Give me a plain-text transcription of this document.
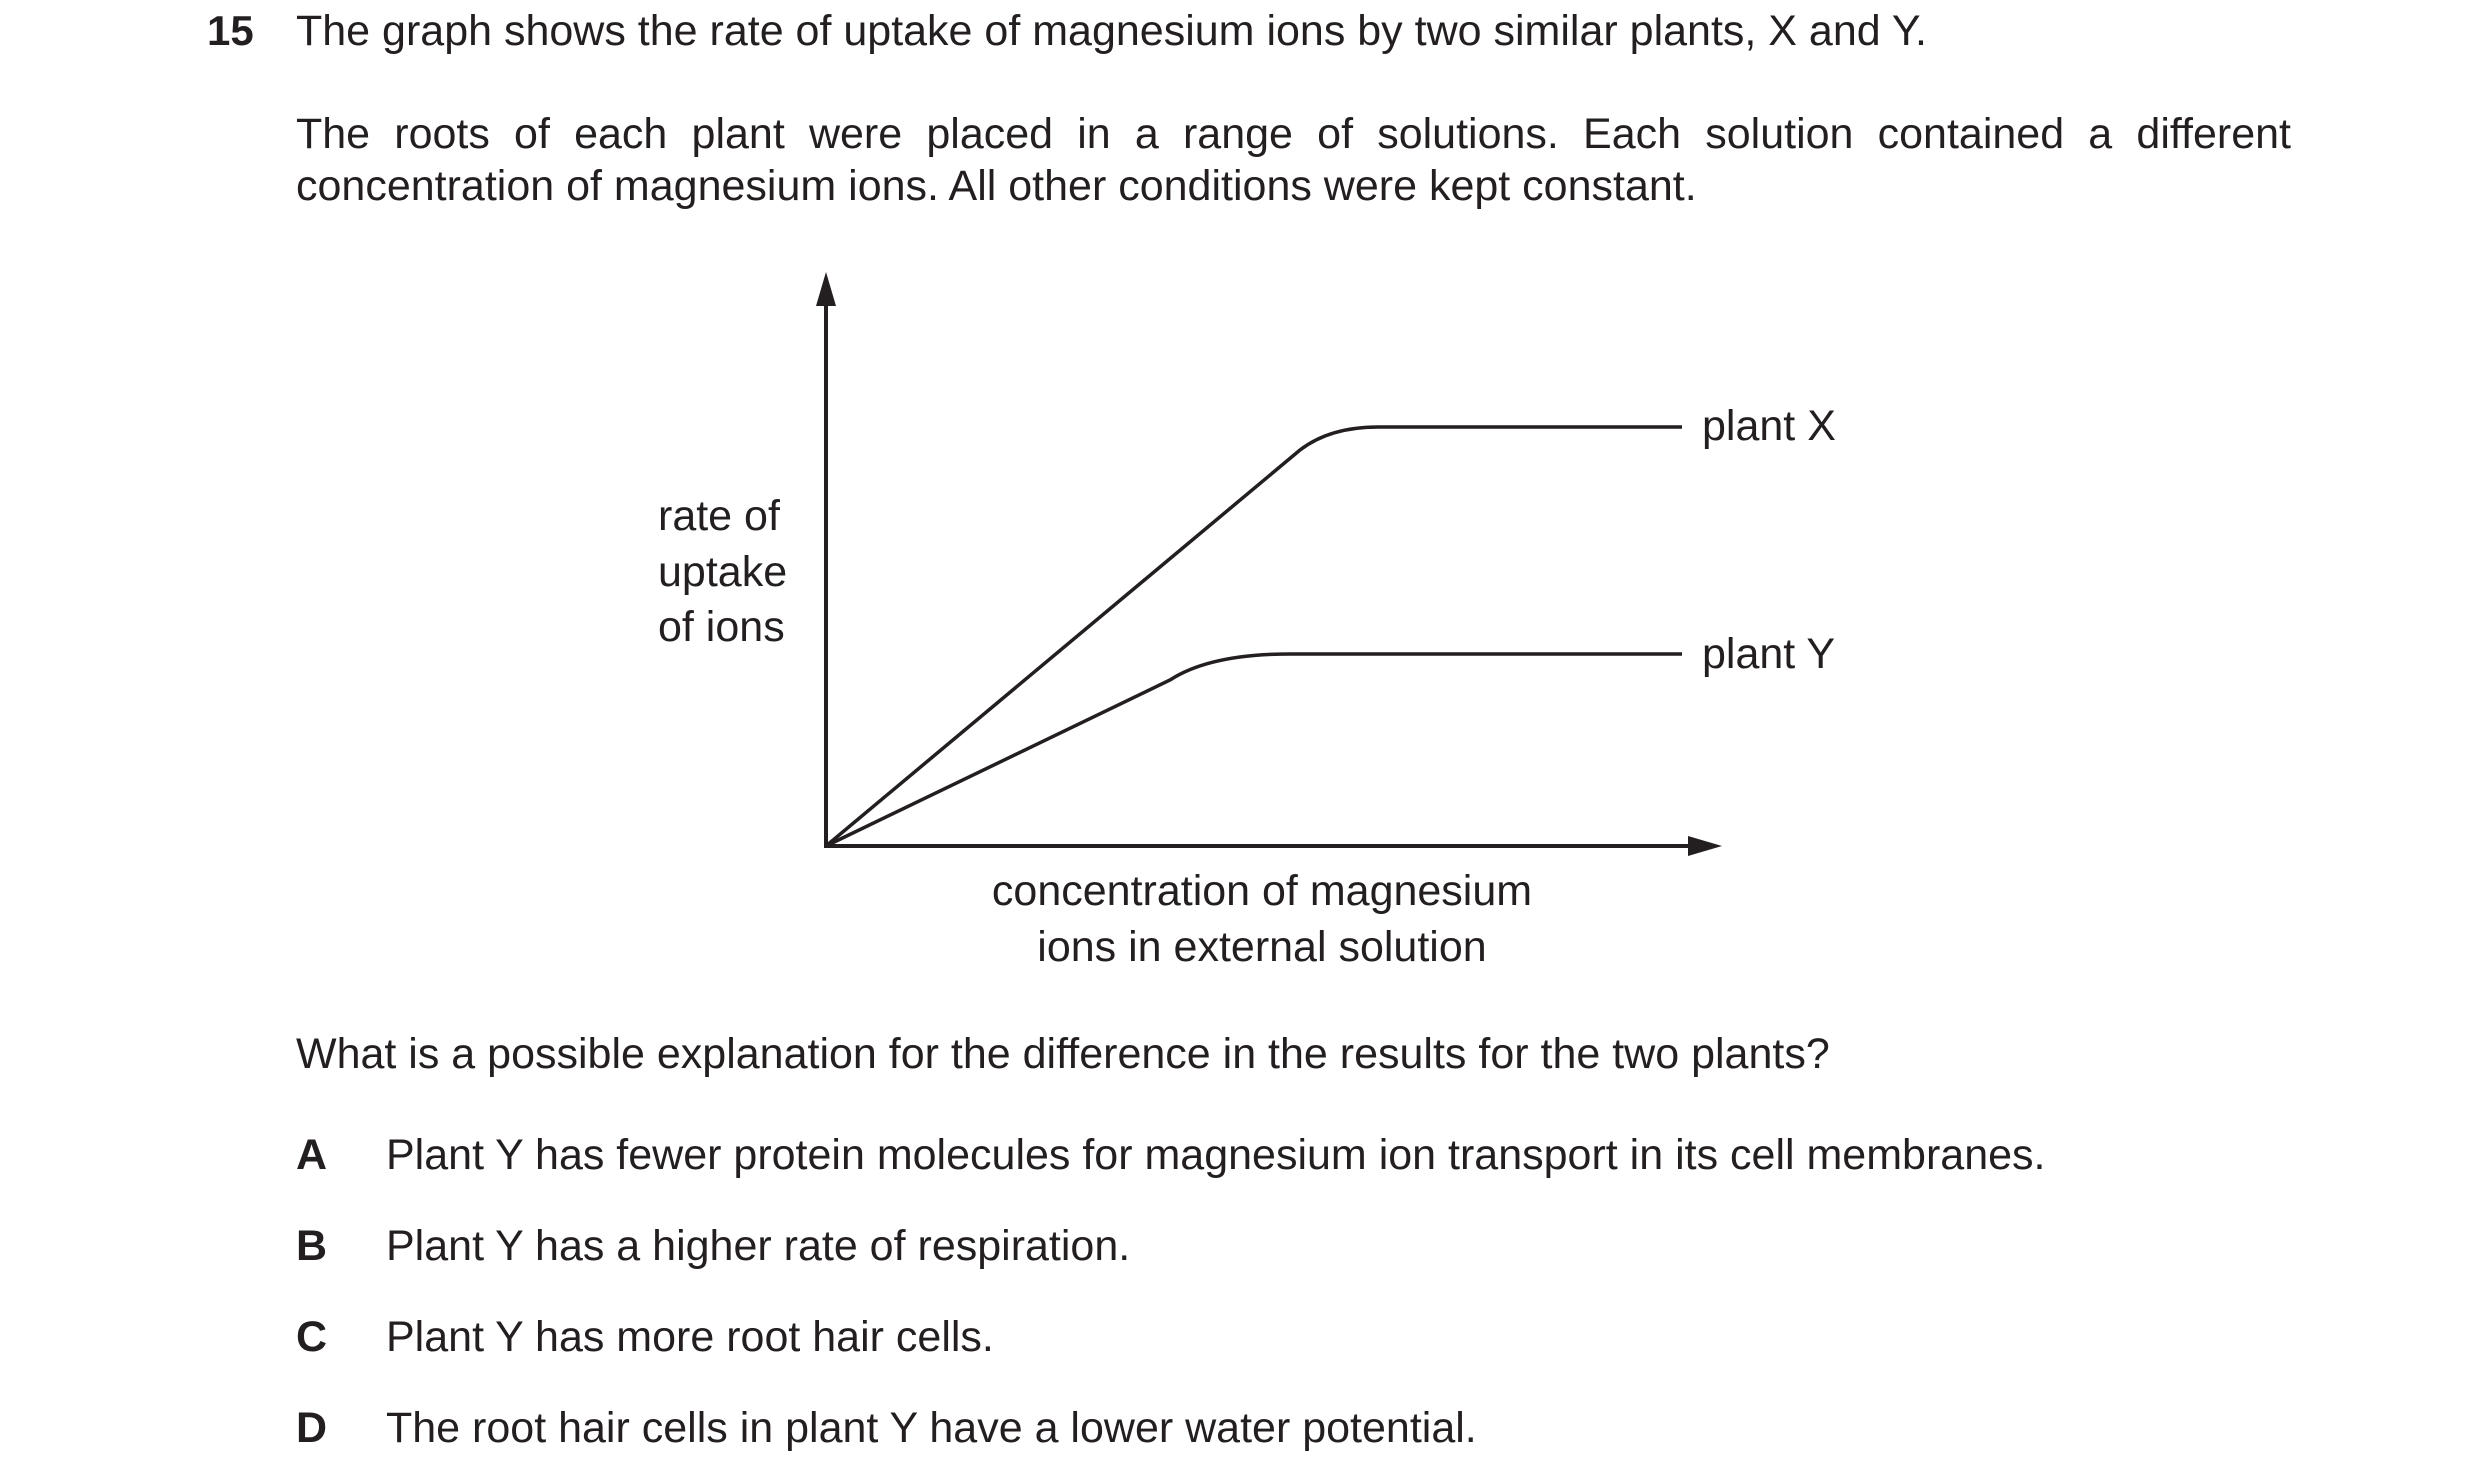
15 The graph shows the rate of uptake of magnesium ions by two similar plants, X and Y.

The roots of each plant were placed in a range of solutions. Each solution contained a different concentration of magnesium ions. All other conditions were kept constant.

plant X
plant Y
rate of
uptake
of ions
concentration of magnesium
ions in external solution

What is a possible explanation for the difference in the results for the two plants?

A	Plant Y has fewer protein molecules for magnesium ion transport in its cell membranes.
B	Plant Y has a higher rate of respiration.
C	Plant Y has more root hair cells.
D	The root hair cells in plant Y have a lower water potential.
